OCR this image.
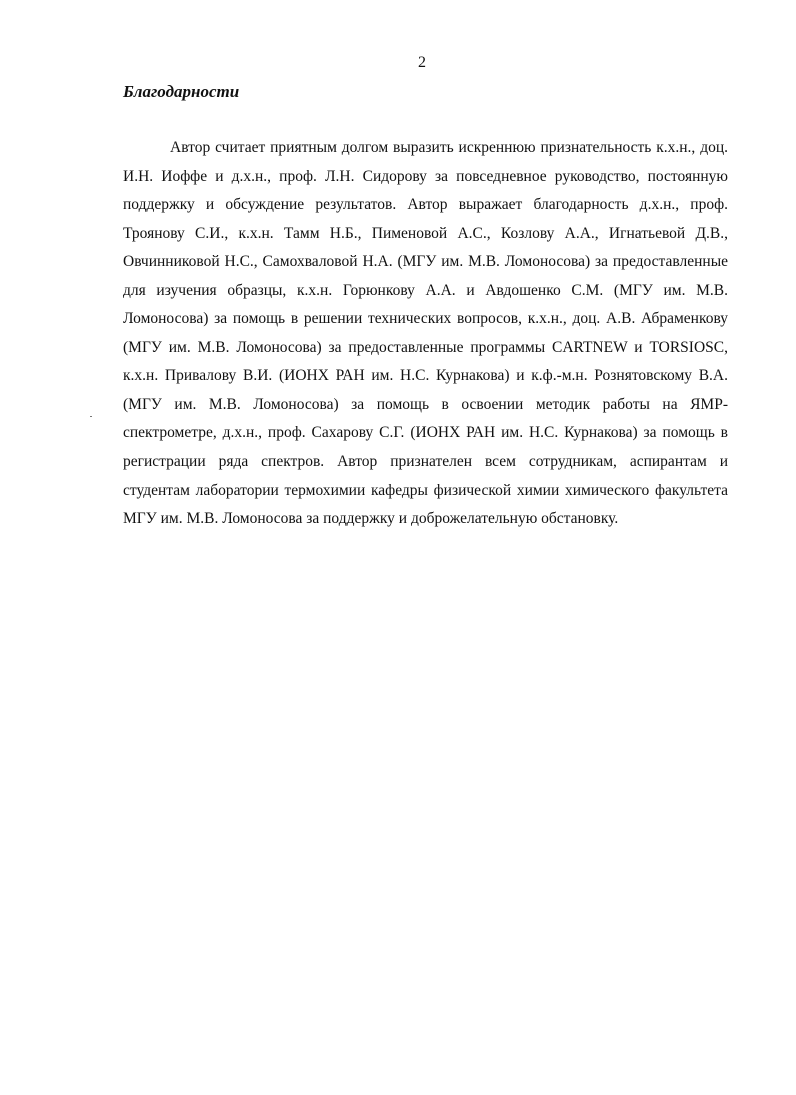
2
Благодарности
Автор считает приятным долгом выразить искреннюю признательность к.х.н., доц.
И.Н. Иоффе и д.х.н., проф. Л.Н. Сидорову за повседневное руководство, постоянную
поддержку и обсуждение результатов. Автор выражает благодарность д.х.н., проф.
Троянову С.И., к.х.н. Тамм Н.Б., Пименовой А.С., Козлову А.А., Игнатьевой Д.В.,
Овчинниковой Н.С., Самохваловой Н.А. (МГУ им. М.В. Ломоносова) за предоставленные
для изучения образцы, к.х.н. Горюнкову А.А. и Авдошенко С.М. (МГУ им. М.В.
Ломоносова) за помощь в решении технических вопросов, к.х.н., доц. А.В. Абраменкову
(МГУ им. М.В. Ломоносова) за предоставленные программы CARTNEW и TORSIOSC,
к.х.н. Привалову В.И. (ИОНХ РАН им. Н.С. Курнакова) и к.ф.-м.н. Рознятовскому В.А.
(МГУ им. М.В. Ломоносова) за помощь в освоении методик работы на ЯМР-
спектрометре, д.х.н., проф. Сахарову С.Г. (ИОНХ РАН им. Н.С. Курнакова) за помощь в
регистрации ряда спектров. Автор признателен всем сотрудникам, аспирантам и
студентам лаборатории термохимии кафедры физической химии химического факультета
МГУ им. М.В. Ломоносова за поддержку и доброжелательную обстановку.
